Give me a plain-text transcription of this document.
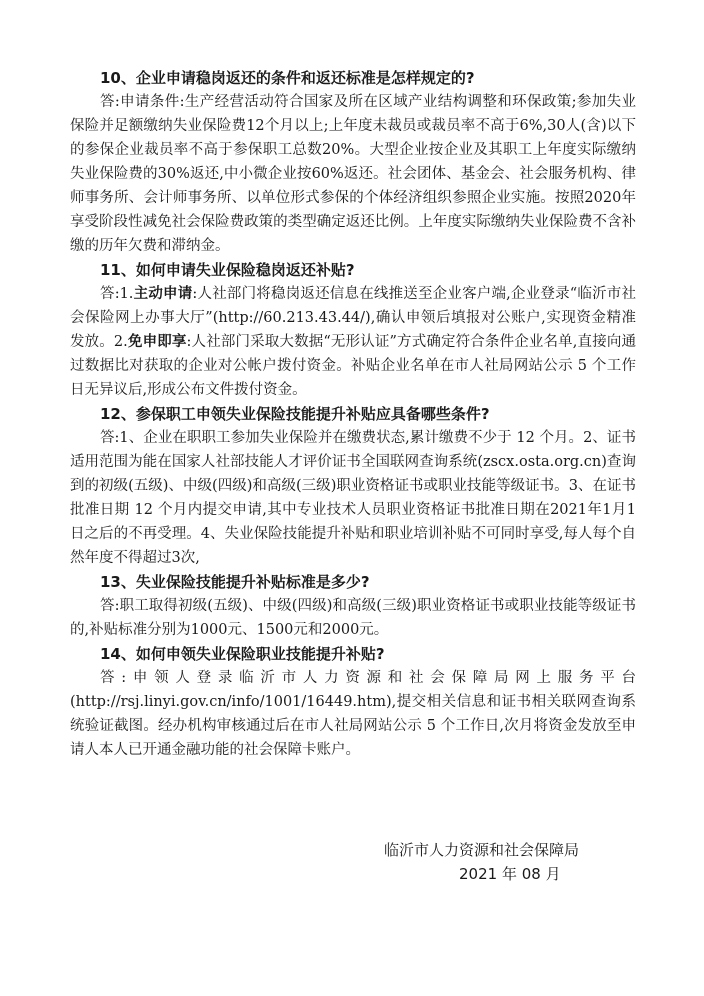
10、企业申请稳岗返还的条件和返还标准是怎样规定的?

答:申请条件:生产经营活动符合国家及所在区域产业结构调整和环保政策;参加失业保险并足额缴纳失业保险费12个月以上;上年度未裁员或裁员率不高于6%,30人(含)以下的参保企业裁员率不高于参保职工总数20%。大型企业按企业及其职工上年度实际缴纳失业保险费的30%返还,中小微企业按60%返还。社会团体、基金会、社会服务机构、律师事务所、会计师事务所、以单位形式参保的个体经济组织参照企业实施。按照2020年享受阶段性减免社会保险费政策的类型确定返还比例。上年度实际缴纳失业保险费不含补缴的历年欠费和滞纳金。

11、如何申请失业保险稳岗返还补贴?

答:1.主动申请:人社部门将稳岗返还信息在线推送至企业客户端,企业登录“临沂市社会保险网上办事大厅”(http://60.213.43.44/),确认申领后填报对公账户,实现资金精准发放。2.免申即享:人社部门采取大数据“无形认证”方式确定符合条件企业名单,直接向通过数据比对获取的企业对公帐户拨付资金。补贴企业名单在市人社局网站公示 5 个工作日无异议后,形成公布文件拨付资金。

12、参保职工申领失业保险技能提升补贴应具备哪些条件?

答:1、企业在职职工参加失业保险并在缴费状态,累计缴费不少于 12 个月。2、证书适用范围为能在国家人社部技能人才评价证书全国联网查询系统(zscx.osta.org.cn)查询到的初级(五级)、中级(四级)和高级(三级)职业资格证书或职业技能等级证书。3、在证书批准日期 12 个月内提交申请,其中专业技术人员职业资格证书批准日期在2021年1月1日之后的不再受理。4、失业保险技能提升补贴和职业培训补贴不可同时享受,每人每个自然年度不得超过3次,

13、失业保险技能提升补贴标准是多少?

答:职工取得初级(五级)、中级(四级)和高级(三级)职业资格证书或职业技能等级证书的,补贴标准分别为1000元、1500元和2000元。

14、如何申领失业保险职业技能提升补贴?

答:申领人登录临沂市人力资源和社会保障局网上服务平台(http://rsj.linyi.gov.cn/info/1001/16449.htm),提交相关信息和证书相关联网查询系统验证截图。经办机构审核通过后在市人社局网站公示 5 个工作日,次月将资金发放至申请人本人已开通金融功能的社会保障卡账户。

临沂市人力资源和社会保障局
2021 年 08 月
